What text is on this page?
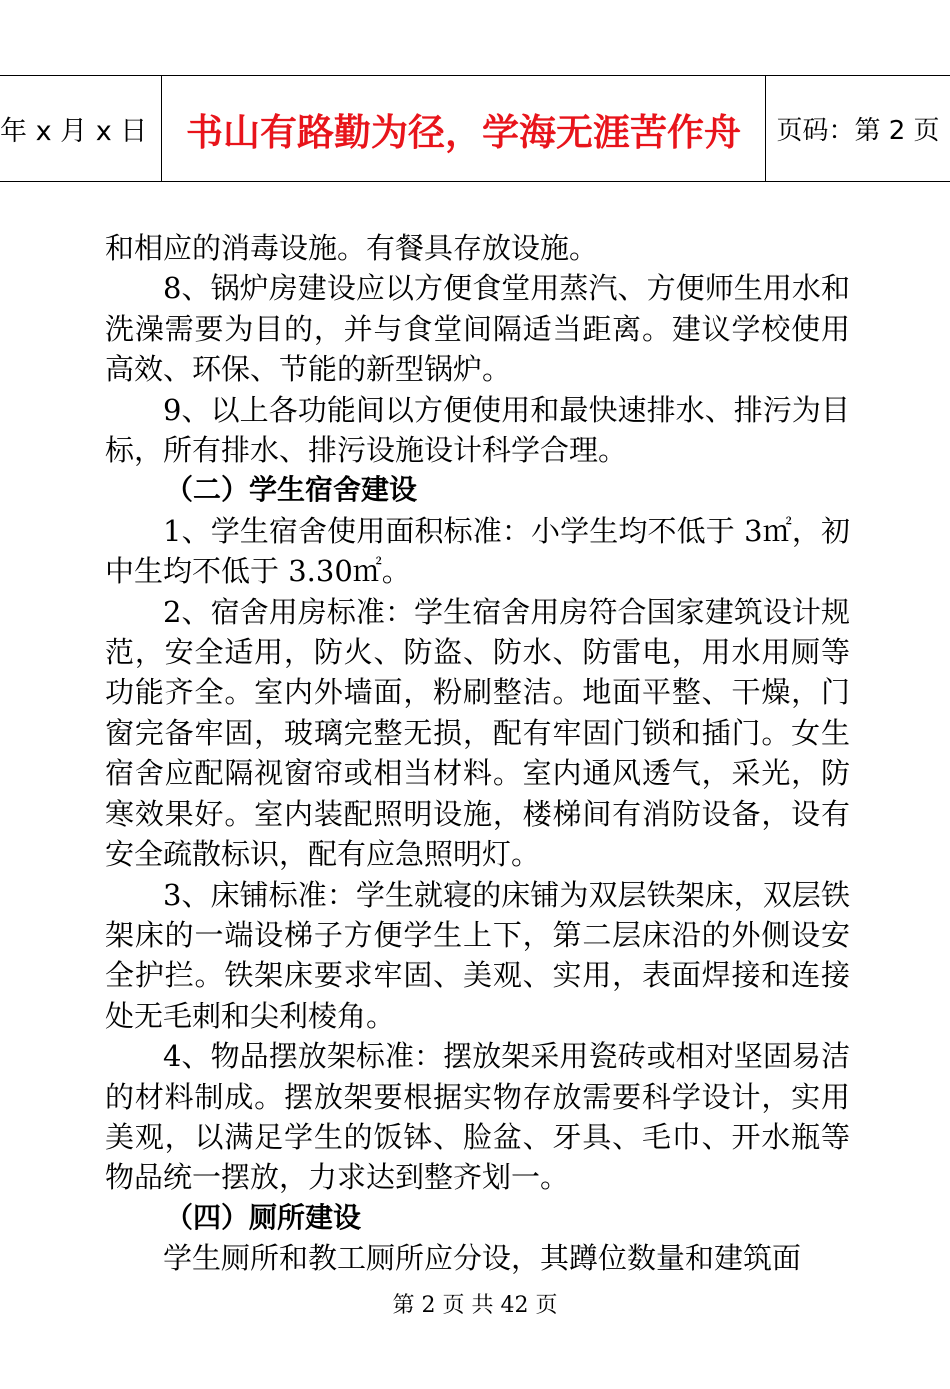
年 x 月 x 日	书山有路勤为径，学海无涯苦作舟	页码：第 2 页

和相应的消毒设施。有餐具存放设施。

8、锅炉房建设应以方便食堂用蒸汽、方便师生用水和洗澡需要为目的，并与食堂间隔适当距离。建议学校使用高效、环保、节能的新型锅炉。

9、以上各功能间以方便使用和最快速排水、排污为目标，所有排水、排污设施设计科学合理。

（二）学生宿舍建设

1、学生宿舍使用面积标准：小学生均不低于 3㎡，初中生均不低于 3.30㎡。

2、宿舍用房标准：学生宿舍用房符合国家建筑设计规范，安全适用，防火、防盗、防水、防雷电，用水用厕等功能齐全。室内外墙面，粉刷整洁。地面平整、干燥，门窗完备牢固，玻璃完整无损，配有牢固门锁和插门。女生宿舍应配隔视窗帘或相当材料。室内通风透气，采光，防寒效果好。室内装配照明设施，楼梯间有消防设备，设有安全疏散标识，配有应急照明灯。

3、床铺标准：学生就寝的床铺为双层铁架床，双层铁架床的一端设梯子方便学生上下，第二层床沿的外侧设安全护拦。铁架床要求牢固、美观、实用，表面焊接和连接处无毛刺和尖利棱角。

4、物品摆放架标准：摆放架采用瓷砖或相对坚固易洁的材料制成。摆放架要根据实物存放需要科学设计，实用美观，以满足学生的饭钵、脸盆、牙具、毛巾、开水瓶等物品统一摆放，力求达到整齐划一。

（四）厕所建设

学生厕所和教工厕所应分设，其蹲位数量和建筑面

第 2 页 共 42 页
